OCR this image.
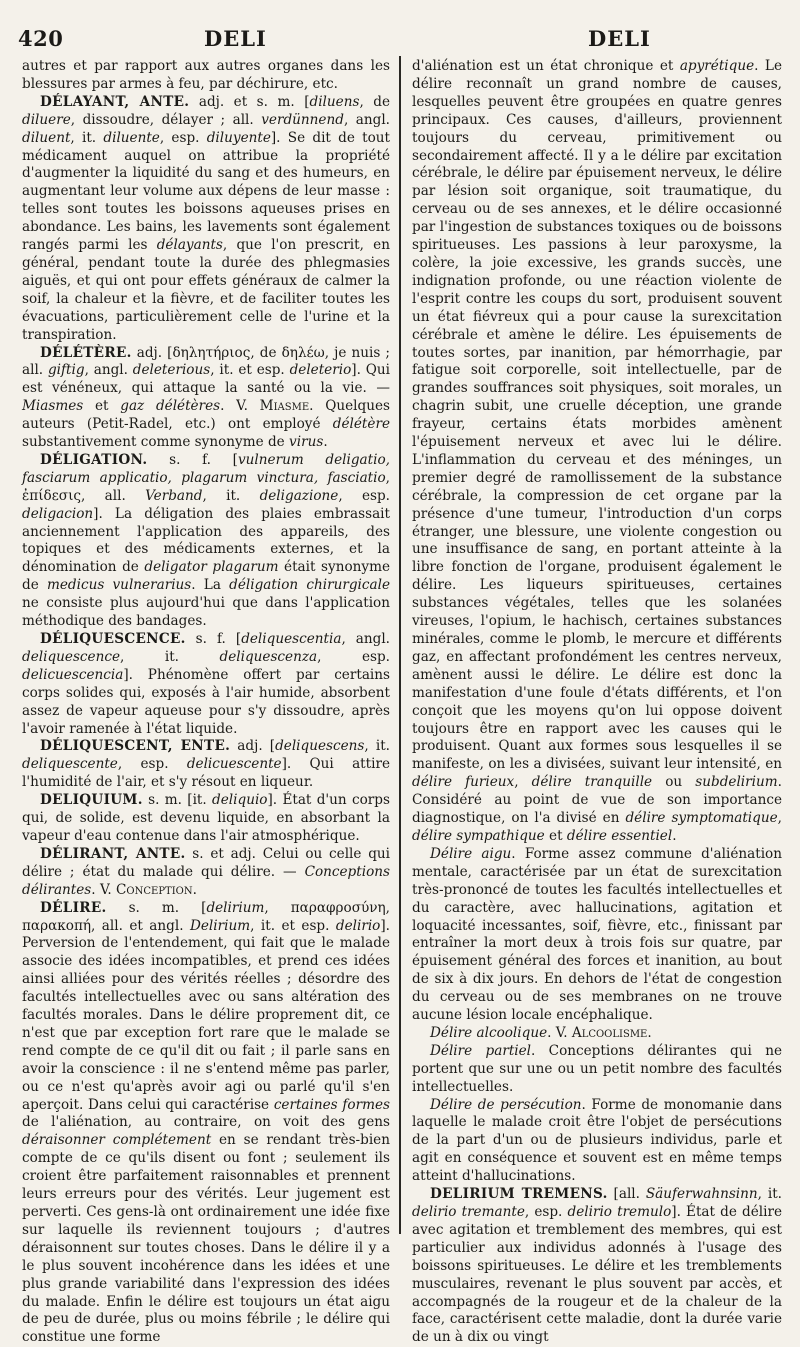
420	DELI	DELI

autres et par rapport aux autres organes dans les blessures par armes à feu, par déchirure, etc.

DÉLAYANT, ANTE. adj. et s. m. [diluens, de diluere, dissoudre, délayer ; all. verdünnend, angl. diluent, it. diluente, esp. diluyente]. Se dit de tout médicament auquel on attribue la propriété d'augmenter la liquidité du sang et des humeurs, en augmentant leur volume aux dépens de leur masse : telles sont toutes les boissons aqueuses prises en abondance. Les bains, les lavements sont également rangés parmi les délayants, que l'on prescrit, en général, pendant toute la durée des phlegmasies aiguës, et qui ont pour effets généraux de calmer la soif, la chaleur et la fièvre, et de faciliter toutes les évacuations, particulièrement celle de l'urine et la transpiration.

DÉLÉTÈRE. adj. [δηλητήριος, de δηλέω, je nuis ; all. giftig, angl. deleterious, it. et esp. deleterio]. Qui est vénéneux, qui attaque la santé ou la vie. — Miasmes et gaz délétères. V. Miasme. Quelques auteurs (Petit-Radel, etc.) ont employé délétère substantivement comme synonyme de virus.

DÉLIGATION. s. f. [vulnerum deligatio, fasciarum applicatio, plagarum vinctura, fasciatio, ἐπίδεσις, all. Verband, it. deligazione, esp. deligacion]. La déligation des plaies embrassait anciennement l'application des appareils, des topiques et des médicaments externes, et la dénomination de deligator plagarum était synonyme de medicus vulnerarius. La déligation chirurgicale ne consiste plus aujourd'hui que dans l'application méthodique des bandages.

DÉLIQUESCENCE. s. f. [deliquescentia, angl. deliquescence, it. deliquescenza, esp. delicuescencia]. Phénomène offert par certains corps solides qui, exposés à l'air humide, absorbent assez de vapeur aqueuse pour s'y dissoudre, après l'avoir ramenée à l'état liquide.

DÉLIQUESCENT, ENTE. adj. [deliquescens, it. deliquescente, esp. delicuescente]. Qui attire l'humidité de l'air, et s'y résout en liqueur.

DELIQUIUM. s. m. [it. deliquio]. État d'un corps qui, de solide, est devenu liquide, en absorbant la vapeur d'eau contenue dans l'air atmosphérique.

DÉLIRANT, ANTE. s. et adj. Celui ou celle qui délire ; état du malade qui délire. — Conceptions délirantes. V. Conception.

DÉLIRE. s. m. [delirium, παραφροσύνη, παρακοπή, all. et angl. Delirium, it. et esp. delirio]. Perversion de l'entendement, qui fait que le malade associe des idées incompatibles, et prend ces idées ainsi alliées pour des vérités réelles ; désordre des facultés intellectuelles avec ou sans altération des facultés morales. Dans le délire proprement dit, ce n'est que par exception fort rare que le malade se rend compte de ce qu'il dit ou fait ; il parle sans en avoir la conscience : il ne s'entend même pas parler, ou ce n'est qu'après avoir agi ou parlé qu'il s'en aperçoit. Dans celui qui caractérise certaines formes de l'aliénation, au contraire, on voit des gens déraisonner complétement en se rendant très-bien compte de ce qu'ils disent ou font ; seulement ils croient être parfaitement raisonnables et prennent leurs erreurs pour des vérités. Leur jugement est perverti. Ces gens-là ont ordinairement une idée fixe sur laquelle ils reviennent toujours ; d'autres déraisonnent sur toutes choses. Dans le délire il y a le plus souvent incohérence dans les idées et une plus grande variabilité dans l'expression des idées du malade. Enfin le délire est toujours un état aigu de peu de durée, plus ou moins fébrile ; le délire qui constitue une forme

d'aliénation est un état chronique et apyrétique. Le délire reconnaît un grand nombre de causes, lesquelles peuvent être groupées en quatre genres principaux. Ces causes, d'ailleurs, proviennent toujours du cerveau, primitivement ou secondairement affecté. Il y a le délire par excitation cérébrale, le délire par épuisement nerveux, le délire par lésion soit organique, soit traumatique, du cerveau ou de ses annexes, et le délire occasionné par l'ingestion de substances toxiques ou de boissons spiritueuses. Les passions à leur paroxysme, la colère, la joie excessive, les grands succès, une indignation profonde, ou une réaction violente de l'esprit contre les coups du sort, produisent souvent un état fiévreux qui a pour cause la surexcitation cérébrale et amène le délire. Les épuisements de toutes sortes, par inanition, par hémorrhagie, par fatigue soit corporelle, soit intellectuelle, par de grandes souffrances soit physiques, soit morales, un chagrin subit, une cruelle déception, une grande frayeur, certains états morbides amènent l'épuisement nerveux et avec lui le délire. L'inflammation du cerveau et des méninges, un premier degré de ramollissement de la substance cérébrale, la compression de cet organe par la présence d'une tumeur, l'introduction d'un corps étranger, une blessure, une violente congestion ou une insuffisance de sang, en portant atteinte à la libre fonction de l'organe, produisent également le délire. Les liqueurs spiritueuses, certaines substances végétales, telles que les solanées vireuses, l'opium, le hachisch, certaines substances minérales, comme le plomb, le mercure et différents gaz, en affectant profondément les centres nerveux, amènent aussi le délire. Le délire est donc la manifestation d'une foule d'états différents, et l'on conçoit que les moyens qu'on lui oppose doivent toujours être en rapport avec les causes qui le produisent. Quant aux formes sous lesquelles il se manifeste, on les a divisées, suivant leur intensité, en délire furieux, délire tranquille ou subdelirium. Considéré au point de vue de son importance diagnostique, on l'a divisé en délire symptomatique, délire sympathique et délire essentiel.

Délire aigu. Forme assez commune d'aliénation mentale, caractérisée par un état de surexcitation très-prononcé de toutes les facultés intellectuelles et du caractère, avec hallucinations, agitation et loquacité incessantes, soif, fièvre, etc., finissant par entraîner la mort deux à trois fois sur quatre, par épuisement général des forces et inanition, au bout de six à dix jours. En dehors de l'état de congestion du cerveau ou de ses membranes on ne trouve aucune lésion locale encéphalique.

Délire alcoolique. V. Alcoolisme.

Délire partiel. Conceptions délirantes qui ne portent que sur une ou un petit nombre des facultés intellectuelles.

Délire de persécution. Forme de monomanie dans laquelle le malade croit être l'objet de persécutions de la part d'un ou de plusieurs individus, parle et agit en conséquence et souvent est en même temps atteint d'hallucinations.

DELIRIUM TREMENS. [all. Säuferwahnsinn, it. delirio tremante, esp. delirio tremulo]. État de délire avec agitation et tremblement des membres, qui est particulier aux individus adonnés à l'usage des boissons spiritueuses. Le délire et les tremblements musculaires, revenant le plus souvent par accès, et accompagnés de la rougeur et de la chaleur de la face, caractérisent cette maladie, dont la durée varie de un à dix ou vingt
